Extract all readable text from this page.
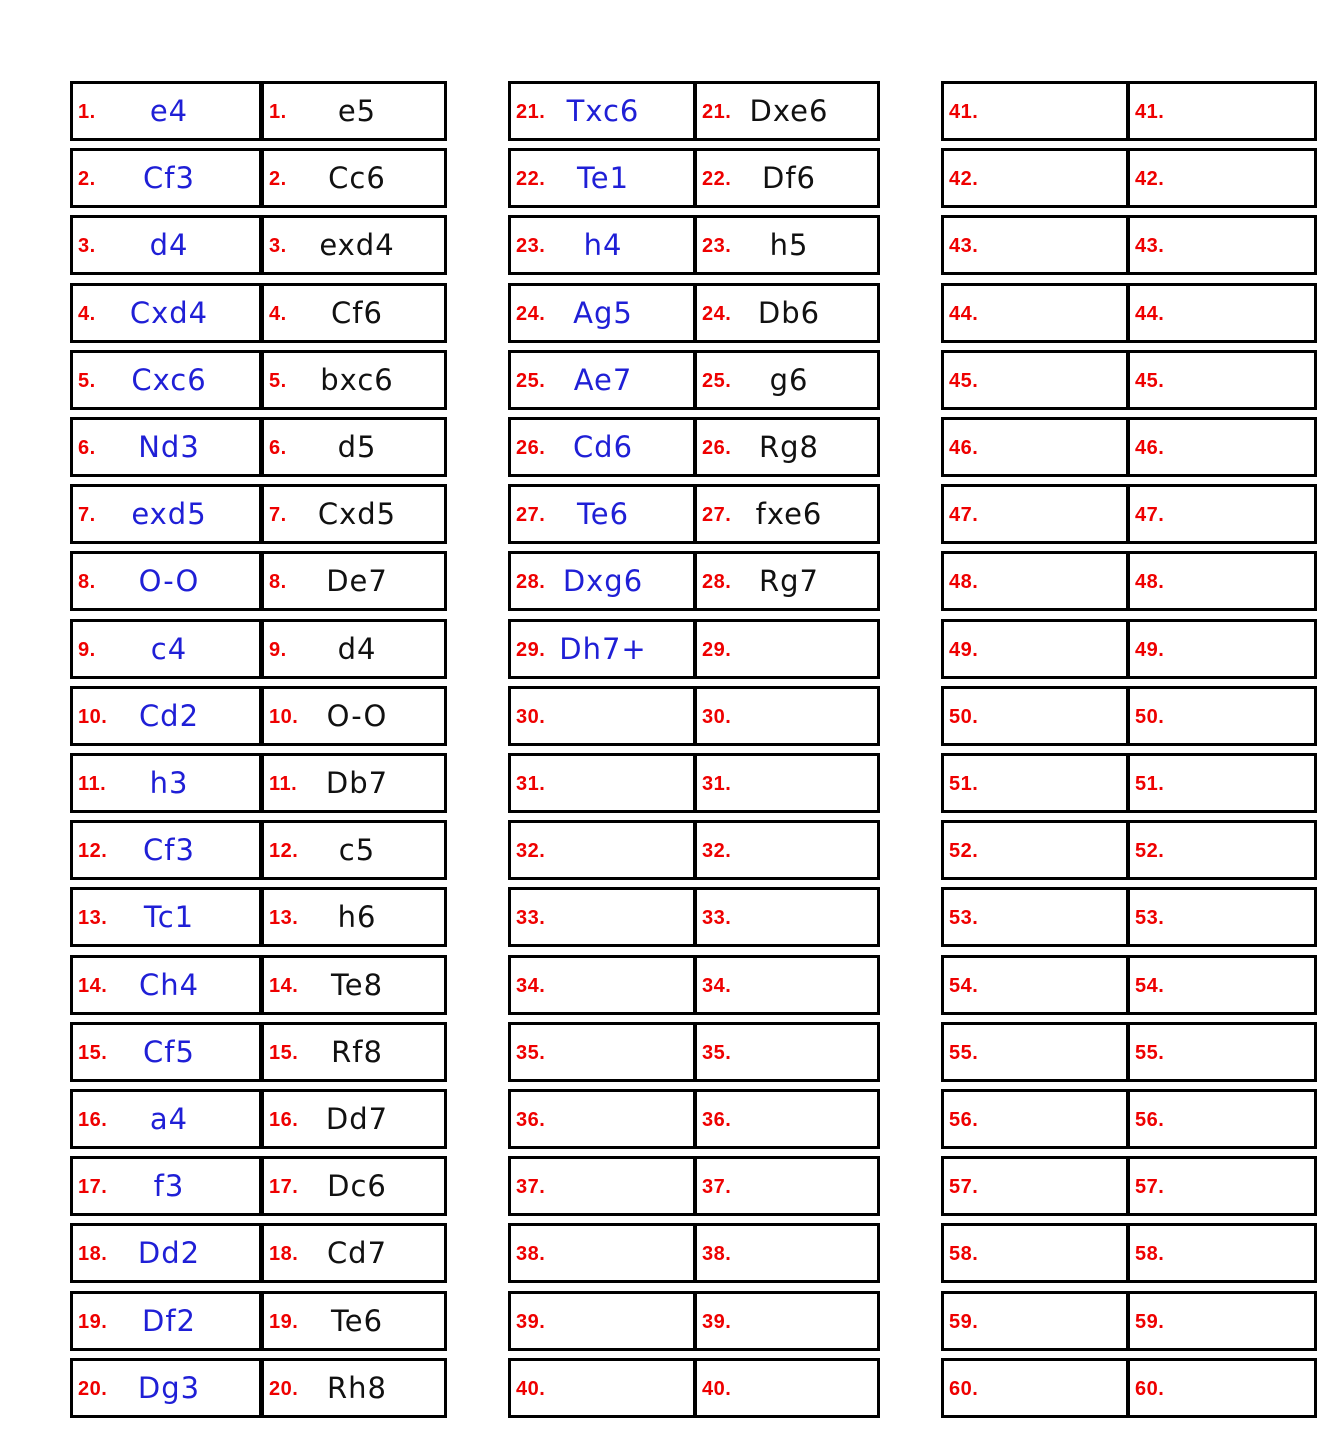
1.	e4	1.	e5
2.	Cf3	2.	Cc6
3.	d4	3.	exd4
4.	Cxd4	4.	Cf6
5.	Cxc6	5.	bxc6
6.	Nd3	6.	d5
7.	exd5	7.	Cxd5
8.	O-O	8.	De7
9.	c4	9.	d4
10.	Cd2	10. O-O
11.	h3	11. Db7
12.	Cf3	12.	c5
13.	Tc1	13.	h6
14.	Ch4	14.	Te8
15.	Cf5	15.	Rf8
16.	a4	16. Dd7
17.	f3	17. Dc6
18.	Dd2	18. Cd7
19.	Df2	19.	Te6
20.	Dg3	20. Rh8
21. Txc6	21. Dxe6
22.	Te1	22.	Df6
23.	h4	23.	h5
24. Ag5	24. Db6
25. Ae7	25.	g6
26. Cd6	26. Rg8
27.	Te6	27. fxe6
28. Dxg6	28. Rg7
29. Dh7+	29.
30.	30.
31.	31.
32.	32.
33.	33.
34.	34.
35.	35.
36.	36.
37.	37.
38.	38.
39.	39.
40.	40.
41.	41.
42.	42.
43.	43.
44.	44.
45.	45.
46.	46.
47.	47.
48.	48.
49.	49.
50.	50.
51.	51.
52.	52.
53.	53.
54.	54.
55.	55.
56.	56.
57.	57.
58.	58.
59.	59.
60.	60.
